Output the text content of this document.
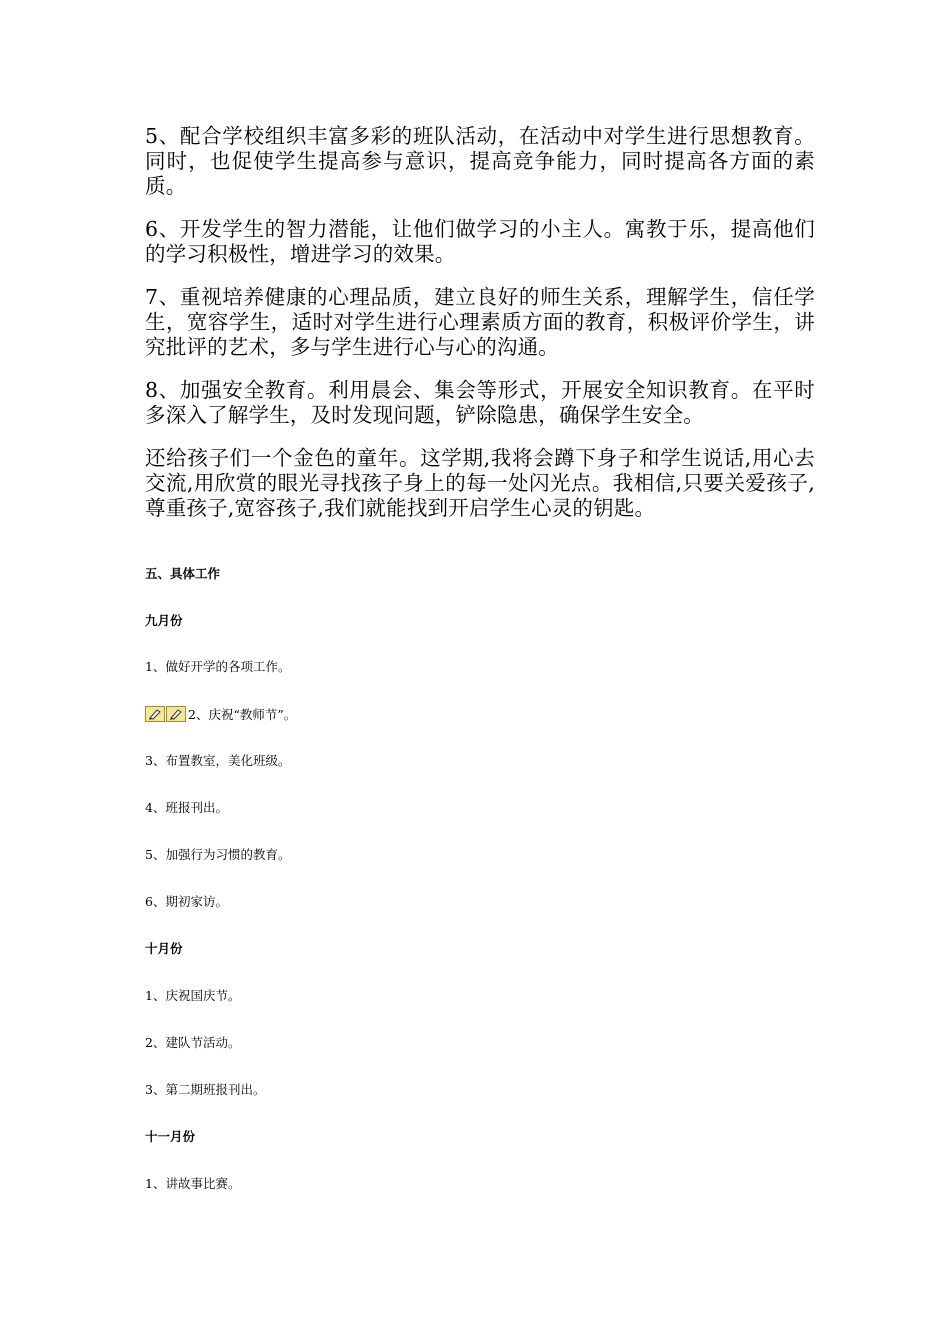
5、配合学校组织丰富多彩的班队活动，在活动中对学生进行思想教育。同时，也促使学生提高参与意识，提高竞争能力，同时提高各方面的素质。

6、开发学生的智力潜能，让他们做学习的小主人。寓教于乐，提高他们的学习积极性，增进学习的效果。

7、重视培养健康的心理品质，建立良好的师生关系，理解学生，信任学生，宽容学生，适时对学生进行心理素质方面的教育，积极评价学生，讲究批评的艺术，多与学生进行心与心的沟通。

8、加强安全教育。利用晨会、集会等形式，开展安全知识教育。在平时多深入了解学生，及时发现问题，铲除隐患，确保学生安全。

还给孩子们一个金色的童年。这学期,我将会蹲下身子和学生说话,用心去交流,用欣赏的眼光寻找孩子身上的每一处闪光点。我相信,只要关爱孩子,尊重孩子,宽容孩子,我们就能找到开启学生心灵的钥匙。

五、具体工作

九月份

1、做好开学的各项工作。

2、庆祝“教师节”。

3、布置教室，美化班级。

4、班报刊出。

5、加强行为习惯的教育。

6、期初家访。

十月份

1、庆祝国庆节。

2、建队节活动。

3、第二期班报刊出。

十一月份

1、讲故事比赛。
